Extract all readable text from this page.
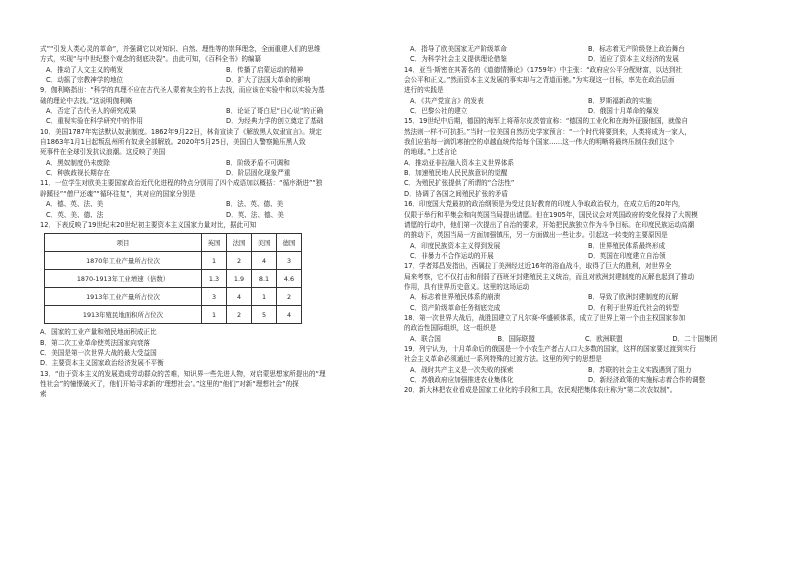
式”“引发人类心灵的革命”，并强调它以对知识、自然、理性等的崇拜理念，全面重建人们的思维

方式，实现“与中世纪整个观念的彻底决裂”。由此可知，《百科全书》的编纂

A．推动了人文主义的萌发	B．传播了启蒙运动的精神
C．动摇了宗教神学的地位	D．扩大了法国大革命的影响

9．伽利略指出：“科学的真理不应在古代圣人蒙着灰尘的书上去找，而应该在实验中和以实验为基

础的理论中去找。”这说明伽利略

A．否定了古代圣人的研究成果	B．论证了哥白尼“日心说”的正确
C．重视实验在科学研究中的作用	D．为经典力学的创立奠定了基础

10．美国1787年宪法默认奴隶制度。1862年9月22日，林肯宣读了《解放黑人奴隶宣言》。规定

自1863年1月1日起叛乱州所有奴隶全部解放。2020年5月25日，美国白人警察跪压黑人致

死事件在全球引发抗议浪潮。这反映了美国

A．黑奴制度仍未废除	B．阶级矛盾不可调和
C．种族歧视长期存在	D．阶层固化现象严重

11．一位学生对欧美主要国家政治近代化进程的特点分别用了四个成语加以概括：“循序渐进”“独

辟蹊径”“僧尸还魂”“循环往复”，其对应的国家分别是

A．德、英、法、美	B．法、英、德、美
C．英、美、德、法	D．英、法、德、美

12．下表反映了19世纪末20世纪初主要资本主义国家力量对比，据此可知

项目	英国	法国	美国	德国
1870年工业产量所占位次	1	2	4	3
1870-1913年工业增速（倍数）	1.3	1.9	8.1	4.6
1913年工业产量所占位次	3	4	1	2
1913年殖民地面积所占位次	1	2	5	4

A．国家的工业产量和殖民地面积成正比

B．第二次工业革命使英法国家向衰落

C．美国是第一次世界大战的最大受益国

D．主要资本主义国家政治经济发展不平衡

13．“由于资本主义的发展造成劳动群众的苦难，知识界一些先进人物，对启蒙思想家所提出的“理

性社会”的憧憬破灭了，他们开始寻求新的‘理想社会’。”这里的“他们”对新“理想社会”的探

索

A．指导了欧美国家无产阶级革命	B．标志着无产阶级登上政治舞台
C．为科学社会主义提供理论借鉴	D．适应了资本主义经济的发展

14．亚当·斯密在其著名的《道德情操论》（1759年）中主张：“政府应公平分配财富，以达到社

会公平和正义。”然而资本主义发展的事实却与之背道而驰。”为实现这一目标，率先在政治层面

进行的实践是

A．《共产党宣言》的发表	B．罗斯福新政的实施
C．巴黎公社的建立	D．俄国十月革命的爆发

15．19世纪中后期，德国的海军上将蒂尔皮茨曾宣称：“德国的工业化和在海外征服他国，就像自

然法则一样不可抗拒。”当时一位美国自然历史学家预言：“一个时代将要到来，人类将成为一家人，

我们应掐每一滴饥寒抽空的卓越血统传给每个国家……这一伟大的明晰将最终压制住我们这个

的地球。”上述言论

A．推动亚非拉融入资本主义世界体系

B．加速殖民地人民民族意识的觉醒

C．为殖民扩张提供了所谓的“合法性”

D．协调了各国之间殖民扩张的矛盾

16．印度国大党最初的政治纲领是为受过良好教育的印度人争取政治权力，在成立后的20年内，

仅限于举行和平集会和向英国当局提出请愿。但在1905年，国民议会对英国政府的变化保持了大规模

请愿的行动中，他们第一次提出了自治的要求，开始把民族独立作为斗争目标。在印度民族运动高潮

的推动下，英国当局一方面加强镇压，另一方面做出一些让步。引起这一转变的主要原因是

A．印度民族资本主义得到发展	B．世界殖民体系最终形成
C．非暴力不合作运动的开展	D．英国在印度建立自治领

17．学者郑昌发指出，西属拉丁美洲经过近16年的浴血战斗，取得了巨大的胜利，对世界全

局来考察，它不仅打击和削弱了西班牙封建殖民主义统治，而且对欧洲封建制度的瓦解也起到了推动

作用，具有世界历史意义。这里的这场运动

A．标志着世界殖民体系的崩溃	B．导致了欧洲封建制度的瓦解
C．资产阶级革命任务彻底完成	D．有利于世界近代社会的转型

18．第一次世界大战后，战胜国建立了凡尔赛-华盛顿体系，成立了世界上第一个由主权国家参加

的政治性国际组织，这一组织是

A．联合国	B．国际联盟	C．欧洲联盟	D．二十国集团

19．列宁认为，十月革命后的俄国是一个小农生产者占人口大多数的国家，这样的国家要过渡到实行

社会主义革命必须通过一系列特殊的过渡方法。这里的列宁的思想是

A．战时共产主义是一次失败的探索	B．苏联的社会主义实践遇到了阻力
C．苏俄政府应加强推进农业集体化	D．新经济政策的实施标志着合作的调整

20．新大林把农业看成是国家工业化的手段和工具，农民观把集体农庄称为“第二次农奴制”。
